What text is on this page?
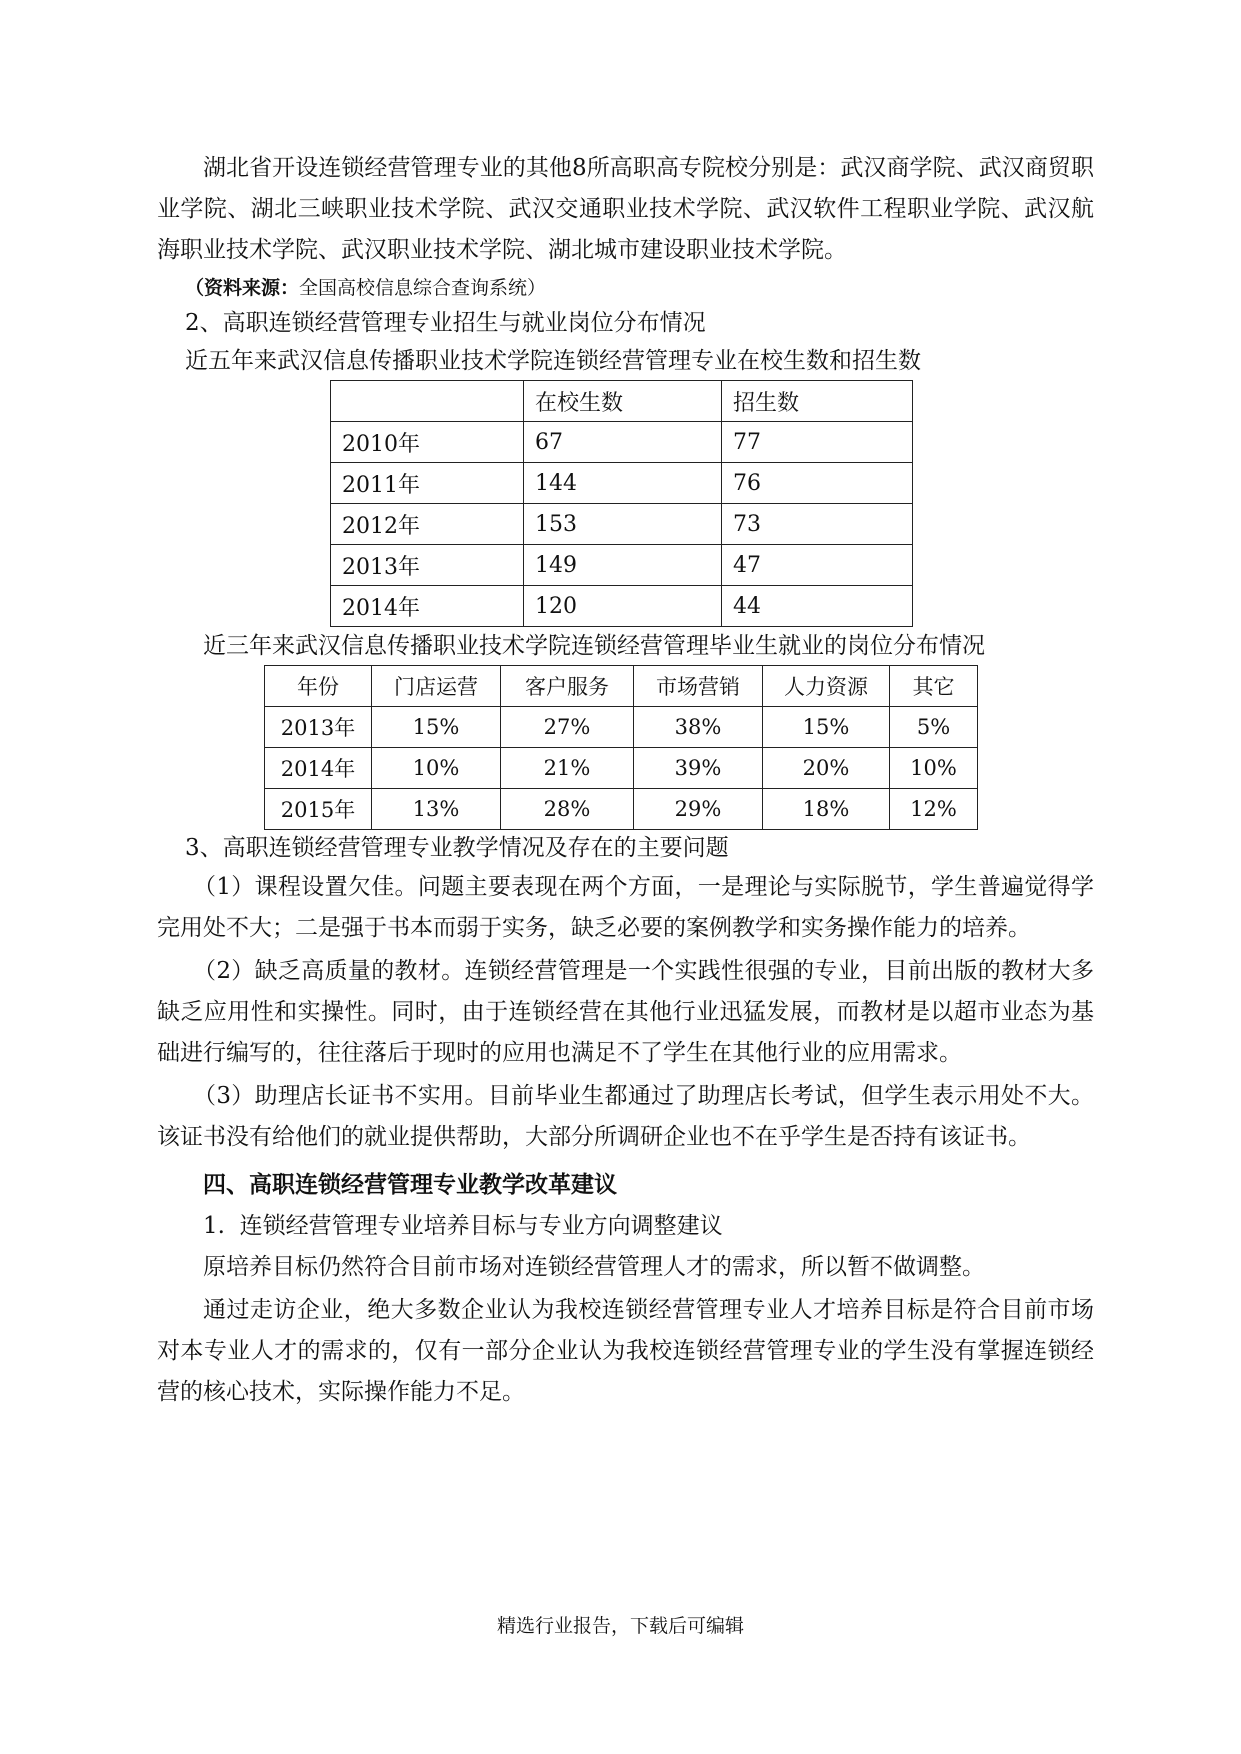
湖北省开设连锁经营管理专业的其他8所高职高专院校分别是：武汉商学院、武汉商贸职业学院、湖北三峡职业技术学院、武汉交通职业技术学院、武汉软件工程职业学院、武汉航海职业技术学院、武汉职业技术学院、湖北城市建设职业技术学院。

（资料来源：全国高校信息综合查询系统）

2、高职连锁经营管理专业招生与就业岗位分布情况

近五年来武汉信息传播职业技术学院连锁经营管理专业在校生数和招生数

	在校生数	招生数
2010年	67	77
2011年	144	76
2012年	153	73
2013年	149	47
2014年	120	44

近三年来武汉信息传播职业技术学院连锁经营管理毕业生就业的岗位分布情况

年份	门店运营	客户服务	市场营销	人力资源	其它
2013年	15%	27%	38%	15%	5%
2014年	10%	21%	39%	20%	10%
2015年	13%	28%	29%	18%	12%

3、高职连锁经营管理专业教学情况及存在的主要问题

（1）课程设置欠佳。问题主要表现在两个方面，一是理论与实际脱节，学生普遍觉得学完用处不大；二是强于书本而弱于实务，缺乏必要的案例教学和实务操作能力的培养。

（2）缺乏高质量的教材。连锁经营管理是一个实践性很强的专业，目前出版的教材大多缺乏应用性和实操性。同时，由于连锁经营在其他行业迅猛发展，而教材是以超市业态为基础进行编写的，往往落后于现时的应用也满足不了学生在其他行业的应用需求。

（3）助理店长证书不实用。目前毕业生都通过了助理店长考试，但学生表示用处不大。该证书没有给他们的就业提供帮助，大部分所调研企业也不在乎学生是否持有该证书。

四、高职连锁经营管理专业教学改革建议

1.  连锁经营管理专业培养目标与专业方向调整建议

原培养目标仍然符合目前市场对连锁经营管理人才的需求，所以暂不做调整。

通过走访企业，绝大多数企业认为我校连锁经营管理专业人才培养目标是符合目前市场对本专业人才的需求的，仅有一部分企业认为我校连锁经营管理专业的学生没有掌握连锁经营的核心技术，实际操作能力不足。

精选行业报告，下载后可编辑
